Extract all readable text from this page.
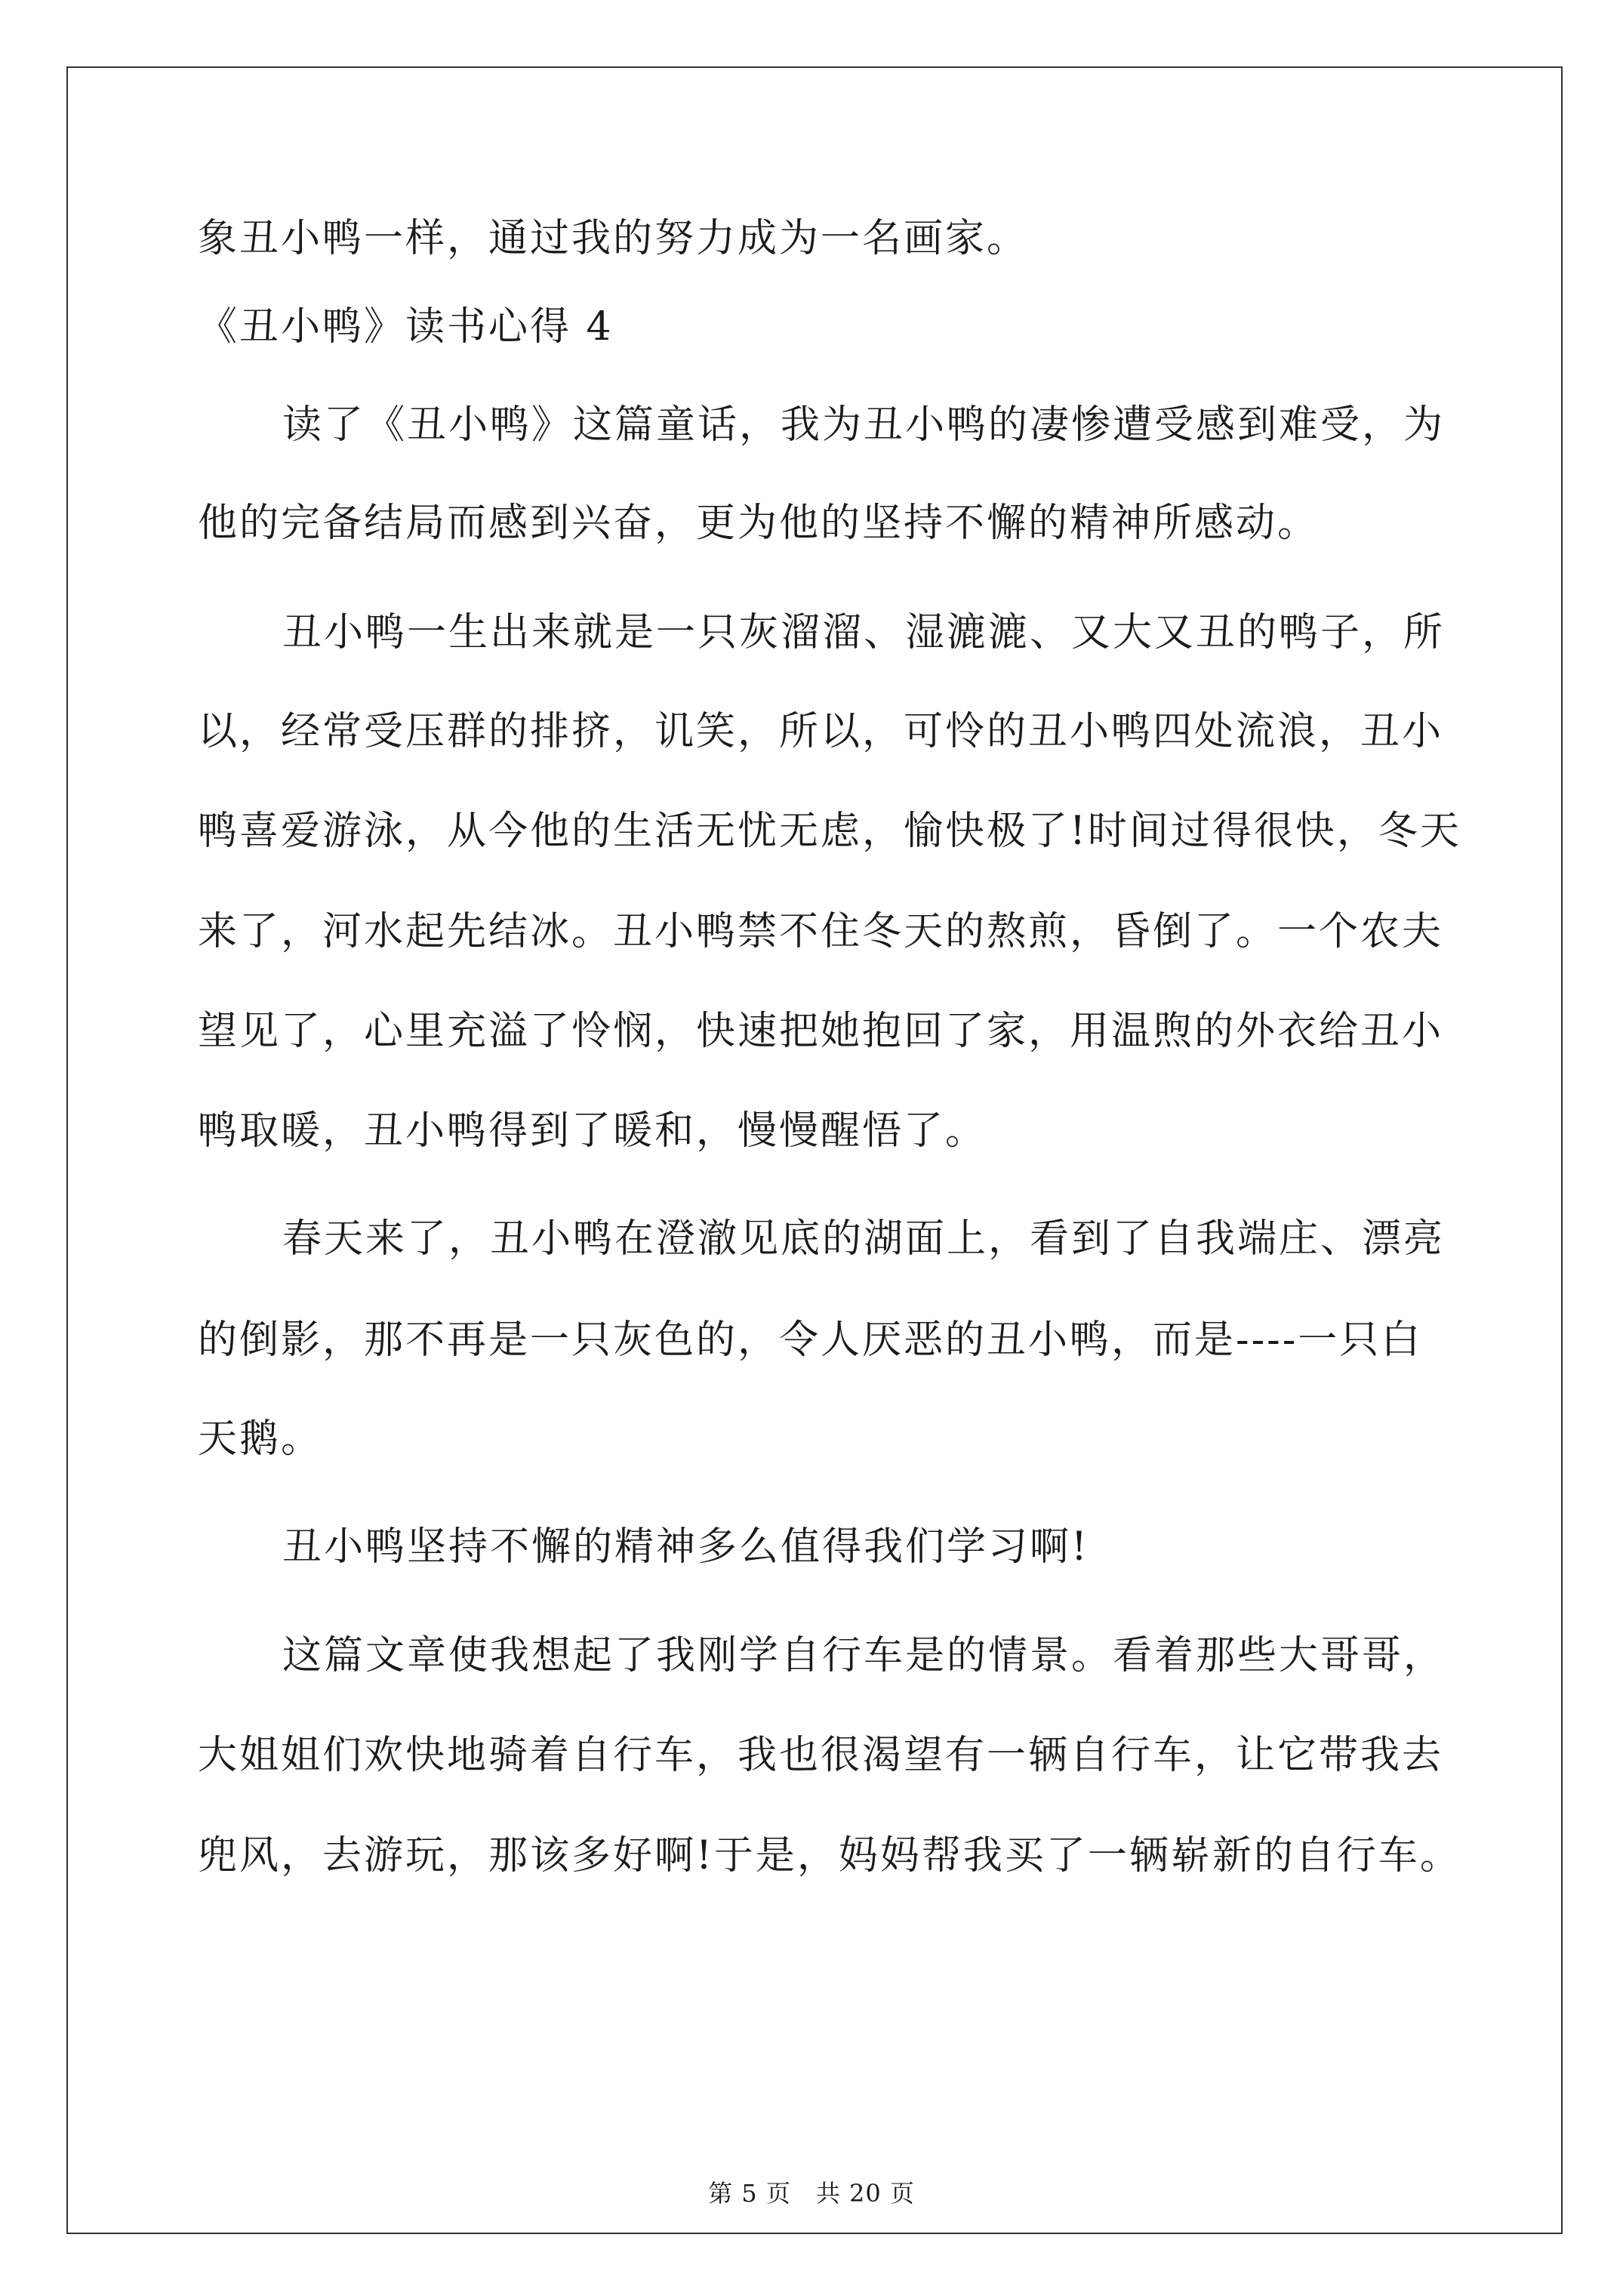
象丑小鸭一样，通过我的努力成为一名画家。
《丑小鸭》读书心得 4
读了《丑小鸭》这篇童话，我为丑小鸭的凄惨遭受感到难受，为
他的完备结局而感到兴奋，更为他的坚持不懈的精神所感动。
丑小鸭一生出来就是一只灰溜溜、湿漉漉、又大又丑的鸭子，所
以，经常受压群的排挤，讥笑，所以，可怜的丑小鸭四处流浪，丑小
鸭喜爱游泳，从今他的生活无忧无虑，愉快极了!时间过得很快，冬天
来了，河水起先结冰。丑小鸭禁不住冬天的熬煎，昏倒了。一个农夫
望见了，心里充溢了怜悯，快速把她抱回了家，用温煦的外衣给丑小
鸭取暖，丑小鸭得到了暖和，慢慢醒悟了。
春天来了，丑小鸭在澄澈见底的湖面上，看到了自我端庄、漂亮
的倒影，那不再是一只灰色的，令人厌恶的丑小鸭，而是----一只白
天鹅。
丑小鸭坚持不懈的精神多么值得我们学习啊!
这篇文章使我想起了我刚学自行车是的情景。看着那些大哥哥，
大姐姐们欢快地骑着自行车，我也很渴望有一辆自行车，让它带我去
兜风，去游玩，那该多好啊!于是，妈妈帮我买了一辆崭新的自行车。
第 5 页　共 20 页
